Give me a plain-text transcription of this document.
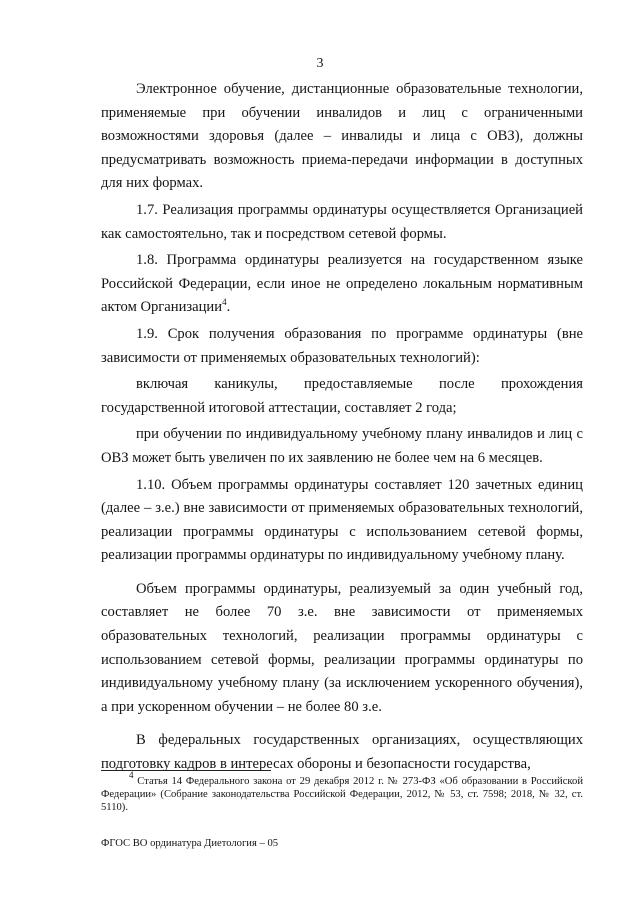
3

Электронное обучение, дистанционные образовательные технологии, применяемые при обучении инвалидов и лиц с ограниченными возможностями здоровья (далее – инвалиды и лица с ОВЗ), должны предусматривать возможность приема-передачи информации в доступных для них формах.

1.7. Реализация программы ординатуры осуществляется Организацией как самостоятельно, так и посредством сетевой формы.

1.8. Программа ординатуры реализуется на государственном языке Российской Федерации, если иное не определено локальным нормативным актом Организации$^4$.

1.9. Срок получения образования по программе ординатуры (вне зависимости от применяемых образовательных технологий):

включая каникулы, предоставляемые после прохождения государственной итоговой аттестации, составляет 2 года;

при обучении по индивидуальному учебному плану инвалидов и лиц с ОВЗ может быть увеличен по их заявлению не более чем на 6 месяцев.

1.10. Объем программы ординатуры составляет 120 зачетных единиц (далее – з.е.) вне зависимости от применяемых образовательных технологий, реализации программы ординатуры с использованием сетевой формы, реализации программы ординатуры по индивидуальному учебному плану.

Объем программы ординатуры, реализуемый за один учебный год, составляет не более 70 з.е. вне зависимости от применяемых образовательных технологий, реализации программы ординатуры с использованием сетевой формы, реализации программы ординатуры по индивидуальному учебному плану (за исключением ускоренного обучения), а при ускоренном обучении – не более 80 з.е.

В федеральных государственных организациях, осуществляющих подготовку кадров в интересах обороны и безопасности государства,

$^4$ Статья 14 Федерального закона от 29 декабря 2012 г. № 273-ФЗ «Об образовании в Российской Федерации» (Собрание законодательства Российской Федерации, 2012, № 53, ст. 7598; 2018, № 32, ст. 5110).
ФГОС ВО ординатура Диетология – 05
